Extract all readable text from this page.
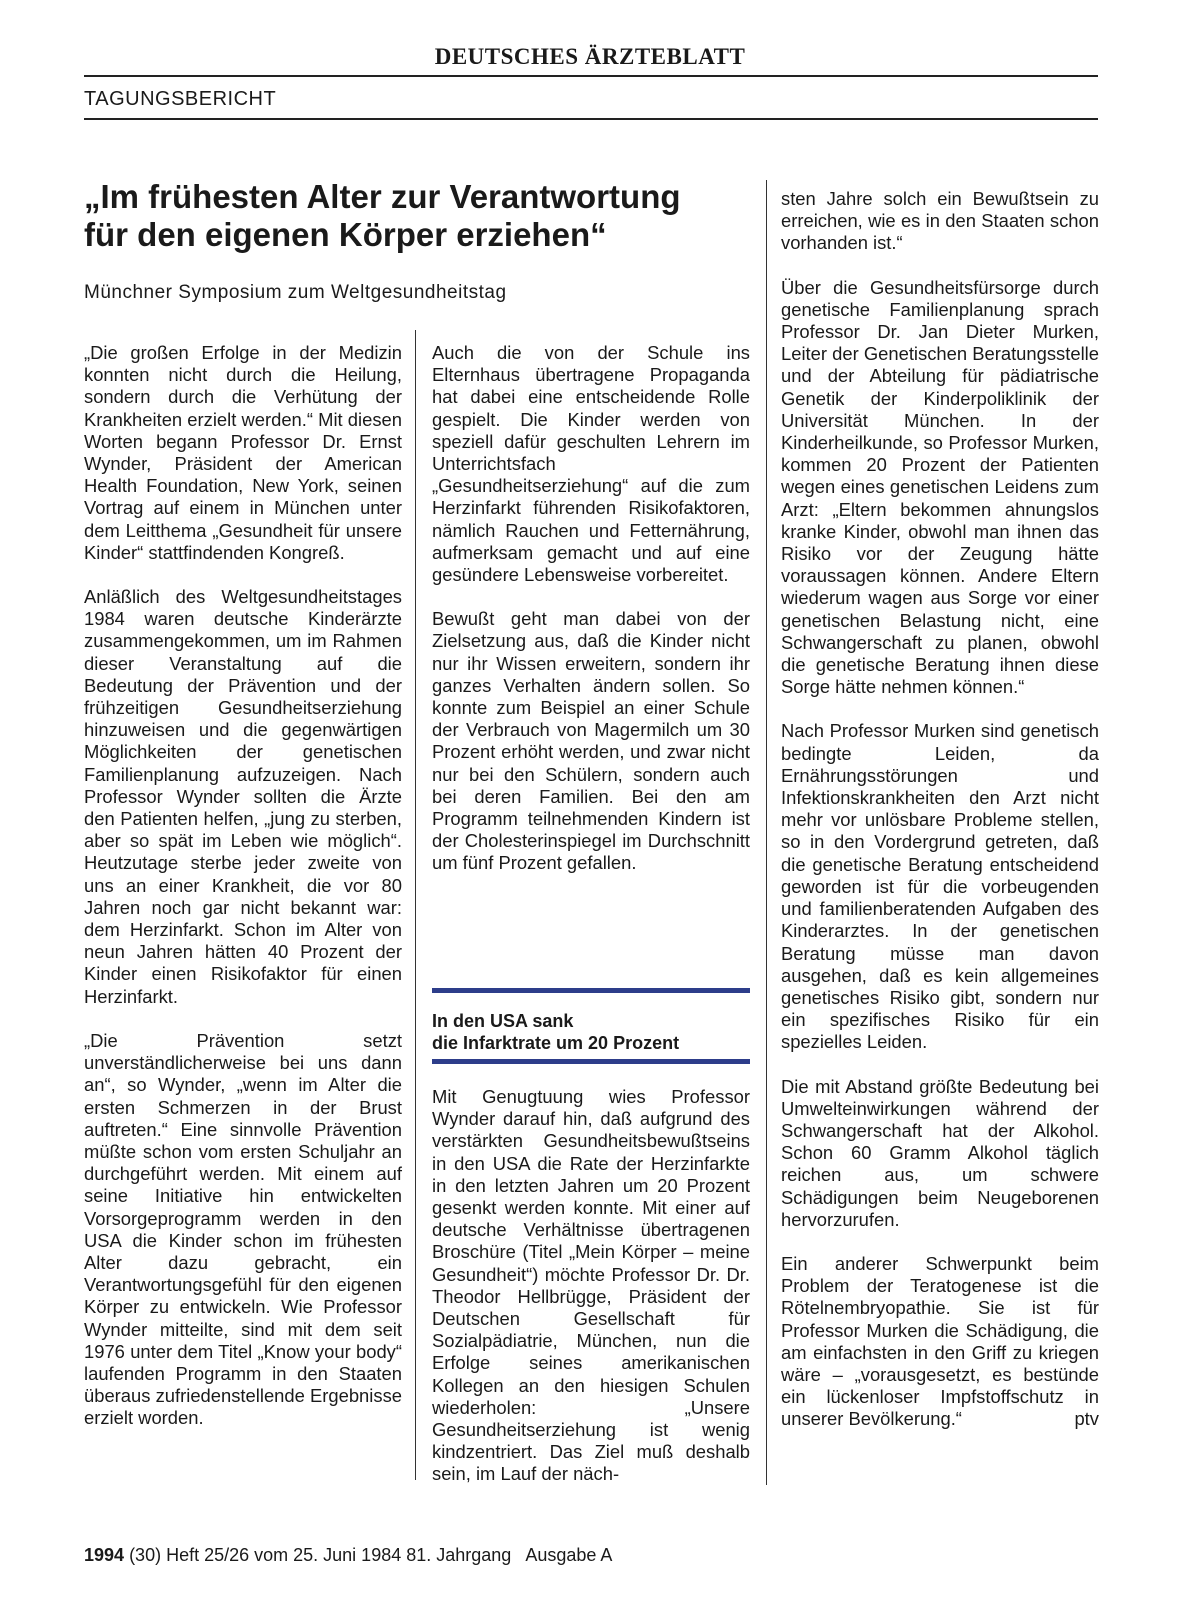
DEUTSCHES ÄRZTEBLATT
TAGUNGSBERICHT
„Im frühesten Alter zur Verantwortung
für den eigenen Körper erziehen“
Münchner Symposium zum Weltgesundheitstag

„Die großen Erfolge in der Medizin konnten nicht durch die Heilung, sondern durch die Verhütung der Krankheiten erzielt werden.“ Mit diesen Worten begann Professor Dr. Ernst Wynder, Präsident der American Health Foundation, New York, seinen Vortrag auf einem in München unter dem Leitthema „Gesundheit für unsere Kinder“ stattfindenden Kongreß.

Anläßlich des Weltgesundheitstages 1984 waren deutsche Kinderärzte zusammengekommen, um im Rahmen dieser Veranstaltung auf die Bedeutung der Prävention und der frühzeitigen Gesundheitserziehung hinzuweisen und die gegenwärtigen Möglichkeiten der genetischen Familienplanung aufzuzeigen. Nach Professor Wynder sollten die Ärzte den Patienten helfen, „jung zu sterben, aber so spät im Leben wie möglich“. Heutzutage sterbe jeder zweite von uns an einer Krankheit, die vor 80 Jahren noch gar nicht bekannt war: dem Herzinfarkt. Schon im Alter von neun Jahren hätten 40 Prozent der Kinder einen Risikofaktor für einen Herzinfarkt.

„Die Prävention setzt unverständlicherweise bei uns dann an“, so Wynder, „wenn im Alter die ersten Schmerzen in der Brust auftreten.“ Eine sinnvolle Prävention müßte schon vom ersten Schuljahr an durchgeführt werden. Mit einem auf seine Initiative hin entwickelten Vorsorgeprogramm werden in den USA die Kinder schon im frühesten Alter dazu gebracht, ein Verantwortungsgefühl für den eigenen Körper zu entwickeln. Wie Professor Wynder mitteilte, sind mit dem seit 1976 unter dem Titel „Know your body“ laufenden Programm in den Staaten überaus zufriedenstellende Ergebnisse erzielt worden.

Auch die von der Schule ins Elternhaus übertragene Propaganda hat dabei eine entscheidende Rolle gespielt. Die Kinder werden von speziell dafür geschulten Lehrern im Unterrichtsfach „Gesundheitserziehung“ auf die zum Herzinfarkt führenden Risikofaktoren, nämlich Rauchen und Fetternährung, aufmerksam gemacht und auf eine gesündere Lebensweise vorbereitet.

Bewußt geht man dabei von der Zielsetzung aus, daß die Kinder nicht nur ihr Wissen erweitern, sondern ihr ganzes Verhalten ändern sollen. So konnte zum Beispiel an einer Schule der Verbrauch von Magermilch um 30 Prozent erhöht werden, und zwar nicht nur bei den Schülern, sondern auch bei deren Familien. Bei den am Programm teilnehmenden Kindern ist der Cholesterinspiegel im Durchschnitt um fünf Prozent gefallen.

In den USA sank
die Infarktrate um 20 Prozent

Mit Genugtuung wies Professor Wynder darauf hin, daß aufgrund des verstärkten Gesundheitsbewußtseins in den USA die Rate der Herzinfarkte in den letzten Jahren um 20 Prozent gesenkt werden konnte. Mit einer auf deutsche Verhältnisse übertragenen Broschüre (Titel „Mein Körper – meine Gesundheit“) möchte Professor Dr. Dr. Theodor Hellbrügge, Präsident der Deutschen Gesellschaft für Sozialpädiatrie, München, nun die Erfolge seines amerikanischen Kollegen an den hiesigen Schulen wiederholen: „Unsere Gesundheitserziehung ist wenig kindzentriert. Das Ziel muß deshalb sein, im Lauf der näch-

sten Jahre solch ein Bewußtsein zu erreichen, wie es in den Staaten schon vorhanden ist.“

Über die Gesundheitsfürsorge durch genetische Familienplanung sprach Professor Dr. Jan Dieter Murken, Leiter der Genetischen Beratungsstelle und der Abteilung für pädiatrische Genetik der Kinderpoliklinik der Universität München. In der Kinderheilkunde, so Professor Murken, kommen 20 Prozent der Patienten wegen eines genetischen Leidens zum Arzt: „Eltern bekommen ahnungslos kranke Kinder, obwohl man ihnen das Risiko vor der Zeugung hätte voraussagen können. Andere Eltern wiederum wagen aus Sorge vor einer genetischen Belastung nicht, eine Schwangerschaft zu planen, obwohl die genetische Beratung ihnen diese Sorge hätte nehmen können.“

Nach Professor Murken sind genetisch bedingte Leiden, da Ernährungsstörungen und Infektionskrankheiten den Arzt nicht mehr vor unlösbare Probleme stellen, so in den Vordergrund getreten, daß die genetische Beratung entscheidend geworden ist für die vorbeugenden und familienberatenden Aufgaben des Kinderarztes. In der genetischen Beratung müsse man davon ausgehen, daß es kein allgemeines genetisches Risiko gibt, sondern nur ein spezifisches Risiko für ein spezielles Leiden.

Die mit Abstand größte Bedeutung bei Umwelteinwirkungen während der Schwangerschaft hat der Alkohol. Schon 60 Gramm Alkohol täglich reichen aus, um schwere Schädigungen beim Neugeborenen hervorzurufen.

Ein anderer Schwerpunkt beim Problem der Teratogenese ist die Rötelnembryopathie. Sie ist für Professor Murken die Schädigung, die am einfachsten in den Griff zu kriegen wäre – „vorausgesetzt, es bestünde ein lückenloser Impfstoffschutz in unserer Bevölkerung.“	ptv

1994 (30) Heft 25/26 vom 25. Juni 1984 81. Jahrgang   Ausgabe A
